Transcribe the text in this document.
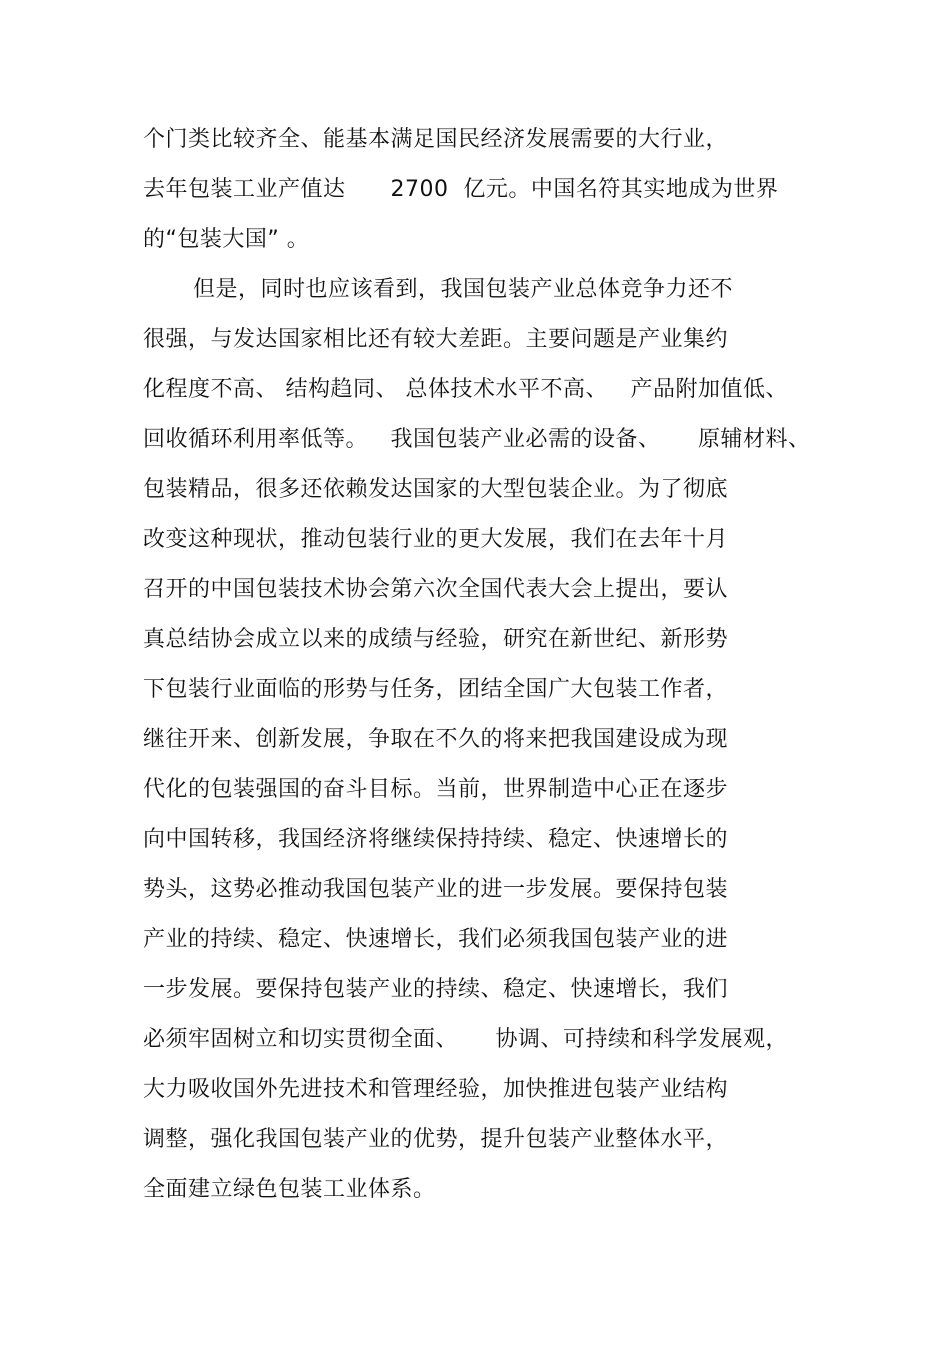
个门类比较齐全、能基本满足国民经济发展需要的大行业，
去年包装工业产值达      2700  亿元。中国名符其实地成为世界
的“包装大国” 。
但是，同时也应该看到，我国包装产业总体竞争力还不
很强，与发达国家相比还有较大差距。主要问题是产业集约
化程度不高、 结构趋同、 总体技术水平不高、   产品附加值低、
回收循环利用率低等。   我国包装产业必需的设备、     原辅材料、
包装精品，很多还依赖发达国家的大型包装企业。为了彻底
改变这种现状，推动包装行业的更大发展，我们在去年十月
召开的中国包装技术协会第六次全国代表大会上提出，要认
真总结协会成立以来的成绩与经验，研究在新世纪、新形势
下包装行业面临的形势与任务，团结全国广大包装工作者，
继往开来、创新发展，争取在不久的将来把我国建设成为现
代化的包装强国的奋斗目标。当前，世界制造中心正在逐步
向中国转移，我国经济将继续保持持续、稳定、快速增长的
势头，这势必推动我国包装产业的进一步发展。要保持包装
产业的持续、稳定、快速增长，我们必须我国包装产业的进
一步发展。要保持包装产业的持续、稳定、快速增长，我们
必须牢固树立和切实贯彻全面、     协调、可持续和科学发展观，
大力吸收国外先进技术和管理经验，加快推进包装产业结构
调整，强化我国包装产业的优势，提升包装产业整体水平，
全面建立绿色包装工业体系。
